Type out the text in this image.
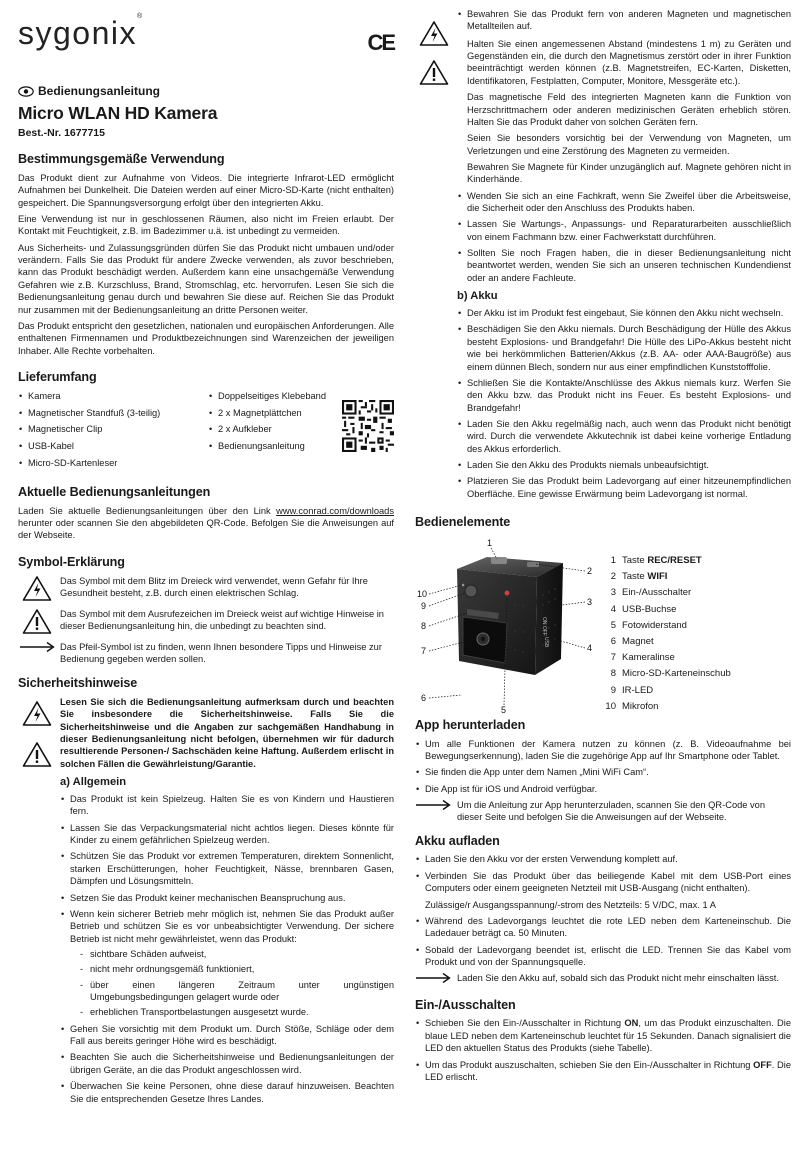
sygonix®
CE
Bedienungsanleitung
Micro WLAN HD Kamera
Best.-Nr. 1677715
Bestimmungsgemäße Verwendung

Das Produkt dient zur Aufnahme von Videos. Die integrierte Infrarot-LED ermöglicht Aufnahmen bei Dunkelheit. Die Dateien werden auf einer Micro-SD-Karte (nicht enthalten) gespeichert. Die Spannungsversorgung erfolgt über den integrierten Akku.

Eine Verwendung ist nur in geschlossenen Räumen, also nicht im Freien erlaubt. Der Kontakt mit Feuchtigkeit, z.B. im Badezimmer u.ä. ist unbedingt zu vermeiden.

Aus Sicherheits- und Zulassungsgründen dürfen Sie das Produkt nicht umbauen und/oder verändern. Falls Sie das Produkt für andere Zwecke verwenden, als zuvor beschrieben, kann das Produkt beschädigt werden. Außerdem kann eine unsachgemäße Verwendung Gefahren wie z.B. Kurzschluss, Brand, Stromschlag, etc. hervorrufen. Lesen Sie sich die Bedienungsanleitung genau durch und bewahren Sie diese auf. Reichen Sie das Produkt nur zusammen mit der Bedienungsanleitung an dritte Personen weiter.

Das Produkt entspricht den gesetzlichen, nationalen und europäischen Anforderungen. Alle enthaltenen Firmennamen und Produktbezeichnungen sind Warenzeichen der jeweiligen Inhaber. Alle Rechte vorbehalten.

Lieferumfang
• Kamera
• Magnetischer Standfuß (3-teilig)
• Magnetischer Clip
• USB-Kabel
• Micro-SD-Kartenleser
• Doppelseitiges Klebeband
• 2 x Magnetplättchen
• 2 x Aufkleber
• Bedienungsanleitung
Aktuelle Bedienungsanleitungen

Laden Sie aktuelle Bedienungsanleitungen über den Link www.conrad.com/downloads herunter oder scannen Sie den abgebildeten QR-Code. Befolgen Sie die Anweisungen auf der Webseite.

Symbol-Erklärung
Das Symbol mit dem Blitz im Dreieck wird verwendet, wenn Gefahr für Ihre Gesundheit besteht, z.B. durch einen elektrischen Schlag.
Das Symbol mit dem Ausrufezeichen im Dreieck weist auf wichtige Hinweise in dieser Bedienungsanleitung hin, die unbedingt zu beachten sind.
Das Pfeil-Symbol ist zu finden, wenn Ihnen besondere Tipps und Hinweise zur Bedienung gegeben werden sollen.
Sicherheitshinweise

Lesen Sie sich die Bedienungsanleitung aufmerksam durch und beachten Sie insbesondere die Sicherheitshinweise. Falls Sie die Sicherheitshinweise und die Angaben zur sachgemäßen Handhabung in dieser Bedienungsanleitung nicht befolgen, übernehmen wir für dadurch resultierende Personen-/ Sachschäden keine Haftung. Außerdem erlischt in solchen Fällen die Gewährleistung/Garantie.

a) Allgemein
• Das Produkt ist kein Spielzeug. Halten Sie es von Kindern und Haustieren fern.
• Lassen Sie das Verpackungsmaterial nicht achtlos liegen. Dieses könnte für Kinder zu einem gefährlichen Spielzeug werden.
• Schützen Sie das Produkt vor extremen Temperaturen, direktem Sonnenlicht, starken Erschütterungen, hoher Feuchtigkeit, Nässe, brennbaren Gasen, Dämpfen und Lösungsmitteln.
• Setzen Sie das Produkt keiner mechanischen Beanspruchung aus.
• Wenn kein sicherer Betrieb mehr möglich ist, nehmen Sie das Produkt außer Betrieb und schützen Sie es vor unbeabsichtigter Verwendung. Der sichere Betrieb ist nicht mehr gewährleistet, wenn das Produkt:
- sichtbare Schäden aufweist,
- nicht mehr ordnungsgemäß funktioniert,
- über einen längeren Zeitraum unter ungünstigen Umgebungsbedingungen gelagert wurde oder
- erheblichen Transportbelastungen ausgesetzt wurde.
• Gehen Sie vorsichtig mit dem Produkt um. Durch Stöße, Schläge oder dem Fall aus bereits geringer Höhe wird es beschädigt.
• Beachten Sie auch die Sicherheitshinweise und Bedienungsanleitungen der übrigen Geräte, an die das Produkt angeschlossen wird.
• Überwachen Sie keine Personen, ohne diese darauf hinzuweisen. Beachten Sie die entsprechenden Gesetze Ihres Landes.
• Bewahren Sie das Produkt fern von anderen Magneten und magnetischen Metallteilen auf.

Halten Sie einen angemessenen Abstand (mindestens 1 m) zu Geräten und Gegenständen ein, die durch den Magnetismus zerstört oder in ihrer Funktion beeinträchtigt werden können (z.B. Magnetstreifen, EC-Karten, Disketten, Identifikatoren, Festplatten, Computer, Monitore, Messgeräte etc.).

Das magnetische Feld des integrierten Magneten kann die Funktion von Herzschrittmachern oder anderen medizinischen Geräten erheblich stören. Halten Sie das Produkt daher von solchen Geräten fern.

Seien Sie besonders vorsichtig bei der Verwendung von Magneten, um Verletzungen und eine Zerstörung des Magneten zu vermeiden.

Bewahren Sie Magnete für Kinder unzugänglich auf. Magnete gehören nicht in Kinderhände.

• Wenden Sie sich an eine Fachkraft, wenn Sie Zweifel über die Arbeitsweise, die Sicherheit oder den Anschluss des Produkts haben.
• Lassen Sie Wartungs-, Anpassungs- und Reparaturarbeiten ausschließlich von einem Fachmann bzw. einer Fachwerkstatt durchführen.
• Sollten Sie noch Fragen haben, die in dieser Bedienungsanleitung nicht beantwortet werden, wenden Sie sich an unseren technischen Kundendienst oder an andere Fachleute.
b) Akku
• Der Akku ist im Produkt fest eingebaut, Sie können den Akku nicht wechseln.
• Beschädigen Sie den Akku niemals. Durch Beschädigung der Hülle des Akkus besteht Explosions- und Brandgefahr! Die Hülle des LiPo-Akkus besteht nicht wie bei herkömmlichen Batterien/Akkus (z.B. AA- oder AAA-Baugröße) aus einem dünnen Blech, sondern nur aus einer empfindlichen Kunststofffolie.
• Schließen Sie die Kontakte/Anschlüsse des Akkus niemals kurz. Werfen Sie den Akku bzw. das Produkt nicht ins Feuer. Es besteht Explosions- und Brandgefahr!
• Laden Sie den Akku regelmäßig nach, auch wenn das Produkt nicht benötigt wird. Durch die verwendete Akkutechnik ist dabei keine vorherige Entladung des Akkus erforderlich.
• Laden Sie den Akku des Produkts niemals unbeaufsichtigt.
• Platzieren Sie das Produkt beim Ladevorgang auf einer hitzeunempfindlichen Oberfläche. Eine gewisse Erwärmung beim Ladevorgang ist normal.
Bedienelemente
ON OFF
USB
1
2
3
4
5
6
7
8
9
10
1 Taste REC/RESET
2 Taste WIFI
3 Ein-/Ausschalter
4 USB-Buchse
5 Fotowiderstand
6 Magnet
7 Kameralinse
8 Micro-SD-Karteneinschub
9 IR-LED
10 Mikrofon
App herunterladen
• Um alle Funktionen der Kamera nutzen zu können (z. B. Videoaufnahme bei Bewegungserkennung), laden Sie die zugehörige App auf Ihr Smartphone oder Tablet.
• Sie finden die App unter dem Namen „Mini WiFi Cam“.
• Die App ist für iOS und Android verfügbar.
Um die Anleitung zur App herunterzuladen, scannen Sie den QR-Code von dieser Seite und befolgen Sie die Anweisungen auf der Webseite.
Akku aufladen
• Laden Sie den Akku vor der ersten Verwendung komplett auf.
• Verbinden Sie das Produkt über das beiliegende Kabel mit dem USB-Port eines Computers oder einem geeigneten Netzteil mit USB-Ausgang (nicht enthalten).
Zulässige/r Ausgangsspannung/-strom des Netzteils: 5 V/DC, max. 1 A
• Während des Ladevorgangs leuchtet die rote LED neben dem Karteneinschub. Die Ladedauer beträgt ca. 50 Minuten.
• Sobald der Ladevorgang beendet ist, erlischt die LED. Trennen Sie das Kabel vom Produkt und von der Spannungsquelle.
Laden Sie den Akku auf, sobald sich das Produkt nicht mehr einschalten lässt.
Ein-/Ausschalten
• Schieben Sie den Ein-/Ausschalter in Richtung ON, um das Produkt einzuschalten. Die blaue LED neben dem Karteneinschub leuchtet für 15 Sekunden. Danach signalisiert die LED den aktuellen Status des Produkts (siehe Tabelle).
• Um das Produkt auszuschalten, schieben Sie den Ein-/Ausschalter in Richtung OFF. Die LED erlischt.
